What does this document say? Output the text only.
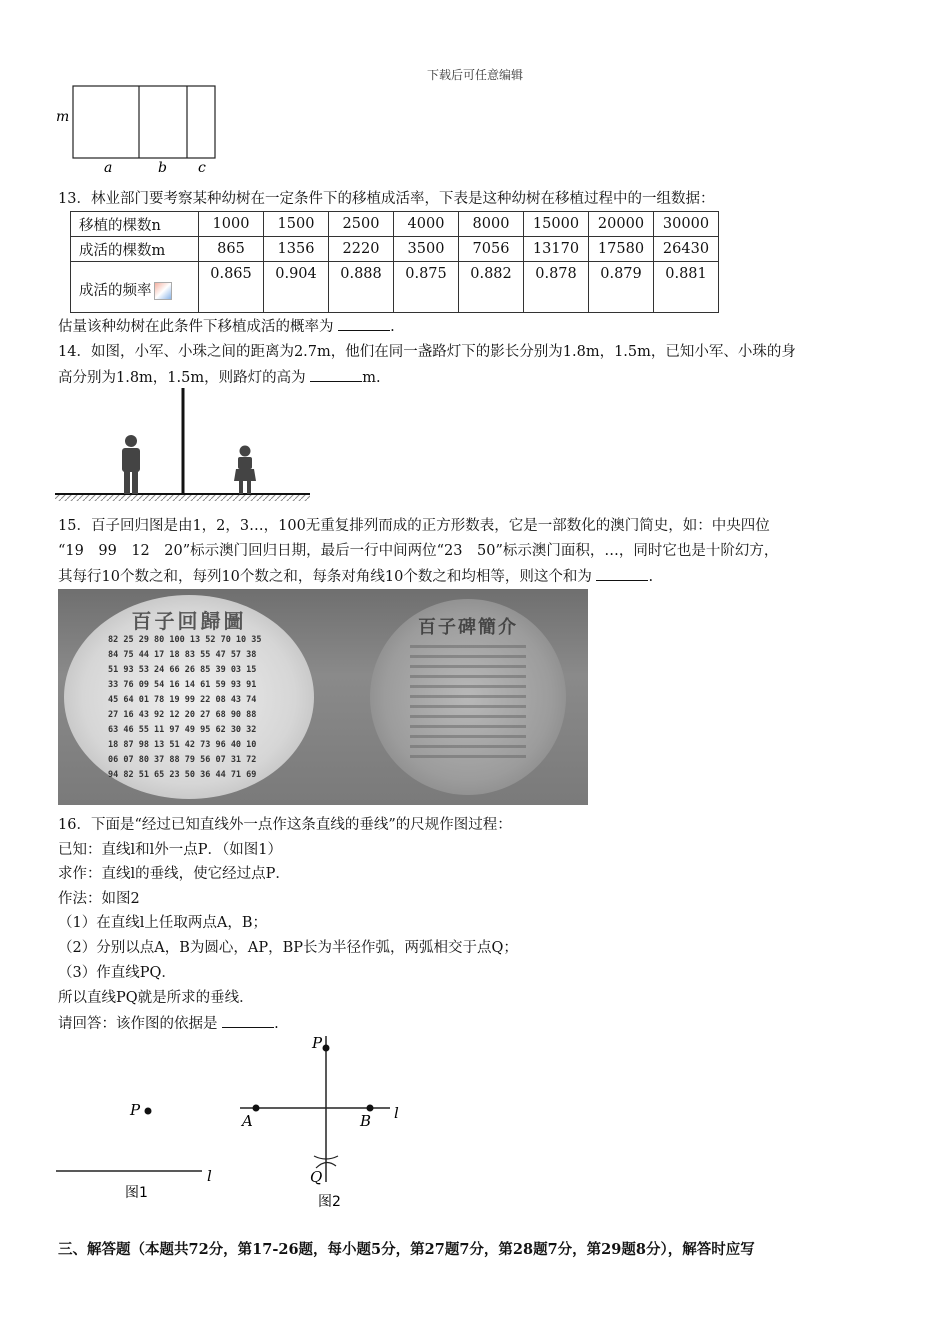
下载后可任意编辑
m
a	b c
13．林业部门要考察某种幼树在一定条件下的移植成活率，下表是这种幼树在移植过程中的一组数据：
移植的棵数n	1000	1500	2500	4000	8000	15000	20000	30000
成活的棵数m	865	1356	2220	3500	7056	13170	17580	26430
成活的频率	0.865	0.904	0.888	0.875	0.882	0.878	0.879	0.881
估量该种幼树在此条件下移植成活的概率为	.
14．如图，小军、小珠之间的距离为2.7m，他们在同一盏路灯下的影长分别为1.8m，1.5m，已知小军、小珠的身
高分别为1.8m，1.5m，则路灯的高为	m.
15．百子回归图是由1，2，3…，100无重复排列而成的正方形数表，它是一部数化的澳门简史，如：中央四位
“19　99　12　20”标示澳门回归日期，最后一行中间两位“23　50”标示澳门面积，…，同时它也是十阶幻方，
其每行10个数之和，每列10个数之和，每条对角线10个数之和均相等，则这个和为	.
百子回歸圖
82 25 29 80 100 13 52 70 10 35
84 75 44 17 18 83 55 47 57 38
51 93 53 24 66 26 85 39 03 15
33 76 09 54 16 14 61 59 93 91
45 64 01 78 19 99 22 08 43 74
27 16 43 92 12 20 27 68 90 88
63 46 55 11 97 49 95 62 30 32
18 87 98 13 51 42 73 96 40 10
06 07 80 37 88 79 56 07 31 72
94 82 51 65 23 50 36 44 71 69
百子碑簡介
16．下面是“经过已知直线外一点作这条直线的垂线”的尺规作图过程：
已知：直线l和l外一点P．（如图1）
求作：直线l的垂线，使它经过点P．
作法：如图2
（1）在直线l上任取两点A，B；
（2）分别以点A，B为圆心，AP，BP长为半径作弧，两弧相交于点Q；
（3）作直线PQ．
所以直线PQ就是所求的垂线．
请回答：该作图的依据是	.
P
l
图1
P
A	B
Q
l
图2
三、解答题（本题共72分，第17-26题，每小题5分，第27题7分，第28题7分，第29题8分），解答时应写
